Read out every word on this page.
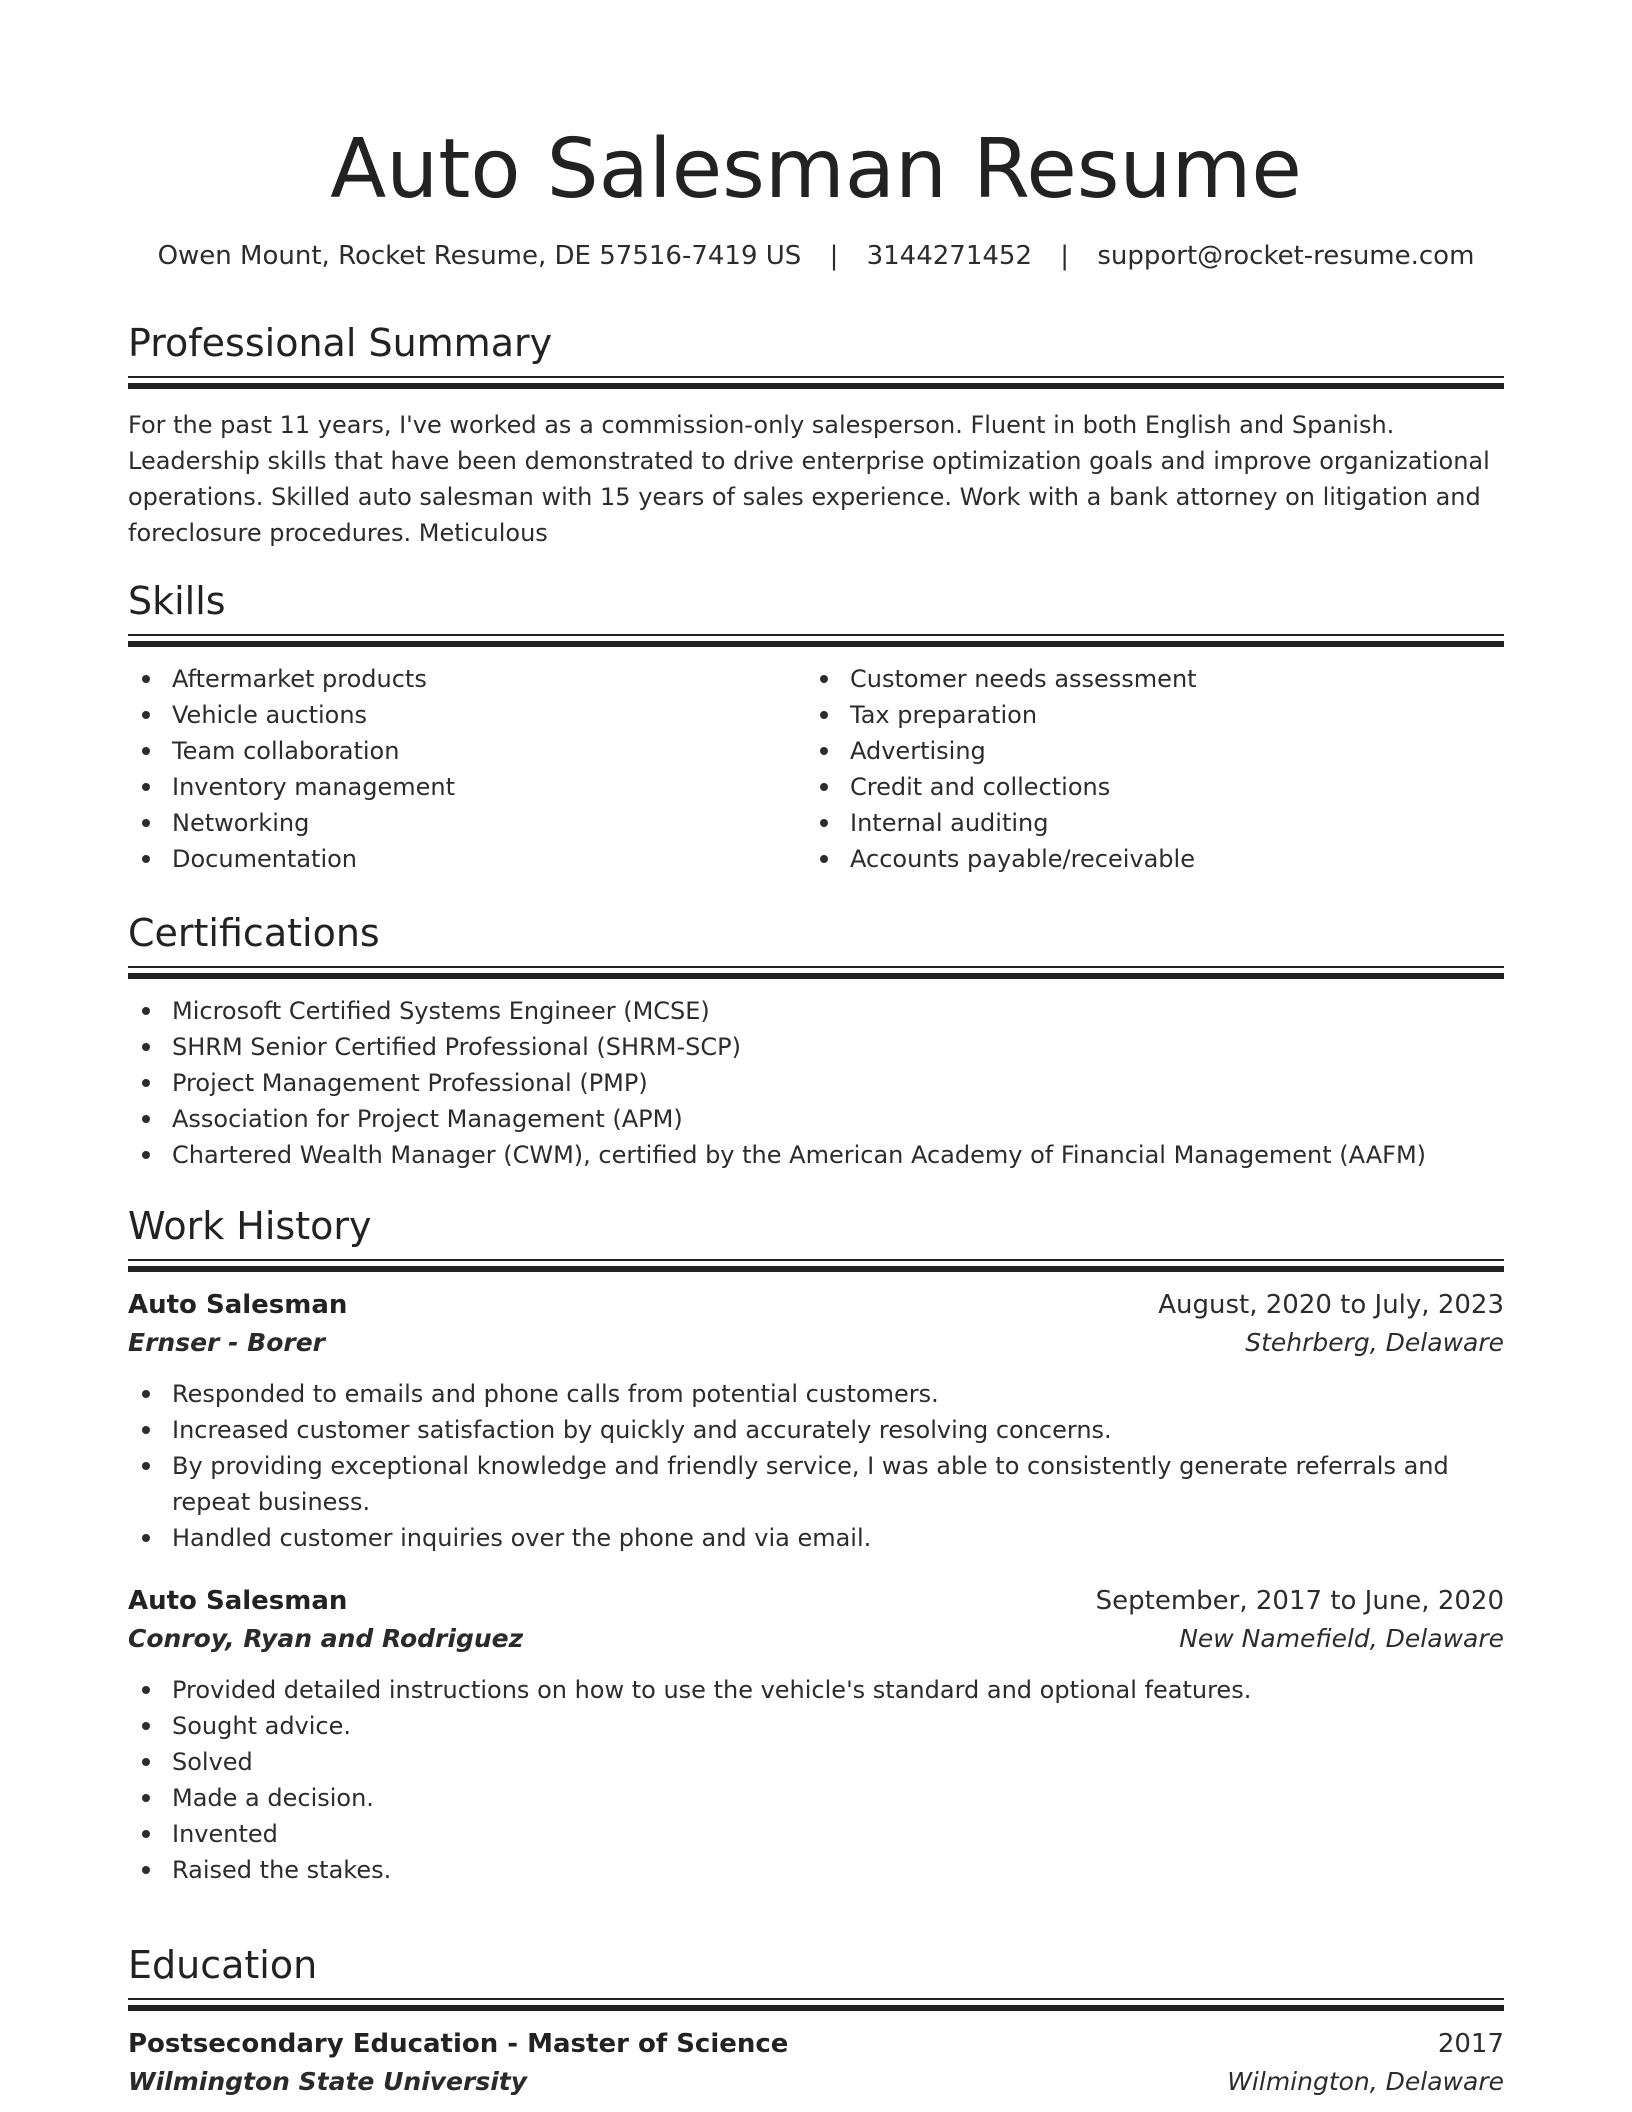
Auto Salesman Resume
Owen Mount, Rocket Resume, DE 57516-7419 US | 3144271452 | support@rocket-resume.com
Professional Summary

For the past 11 years, I've worked as a commission-only salesperson. Fluent in both English and Spanish. Leadership skills that have been demonstrated to drive enterprise optimization goals and improve organizational operations. Skilled auto salesman with 15 years of sales experience. Work with a bank attorney on litigation and foreclosure procedures. Meticulous

Skills
Aftermarket products
Vehicle auctions
Team collaboration
Inventory management
Networking
Documentation
Customer needs assessment
Tax preparation
Advertising
Credit and collections
Internal auditing
Accounts payable/receivable
Certifications
Microsoft Certified Systems Engineer (MCSE)
SHRM Senior Certified Professional (SHRM-SCP)
Project Management Professional (PMP)
Association for Project Management (APM)
Chartered Wealth Manager (CWM), certified by the American Academy of Financial Management (AAFM)
Work History
Auto Salesman	August, 2020 to July, 2023
Ernser - Borer	Stehrberg, Delaware
Responded to emails and phone calls from potential customers.
Increased customer satisfaction by quickly and accurately resolving concerns.
By providing exceptional knowledge and friendly service, I was able to consistently generate referrals and repeat business.
Handled customer inquiries over the phone and via email.
Auto Salesman	September, 2017 to June, 2020
Conroy, Ryan and Rodriguez	New Namefield, Delaware
Provided detailed instructions on how to use the vehicle's standard and optional features.
Sought advice.
Solved
Made a decision.
Invented
Raised the stakes.
Education
Postsecondary Education - Master of Science	2017
Wilmington State University	Wilmington, Delaware
